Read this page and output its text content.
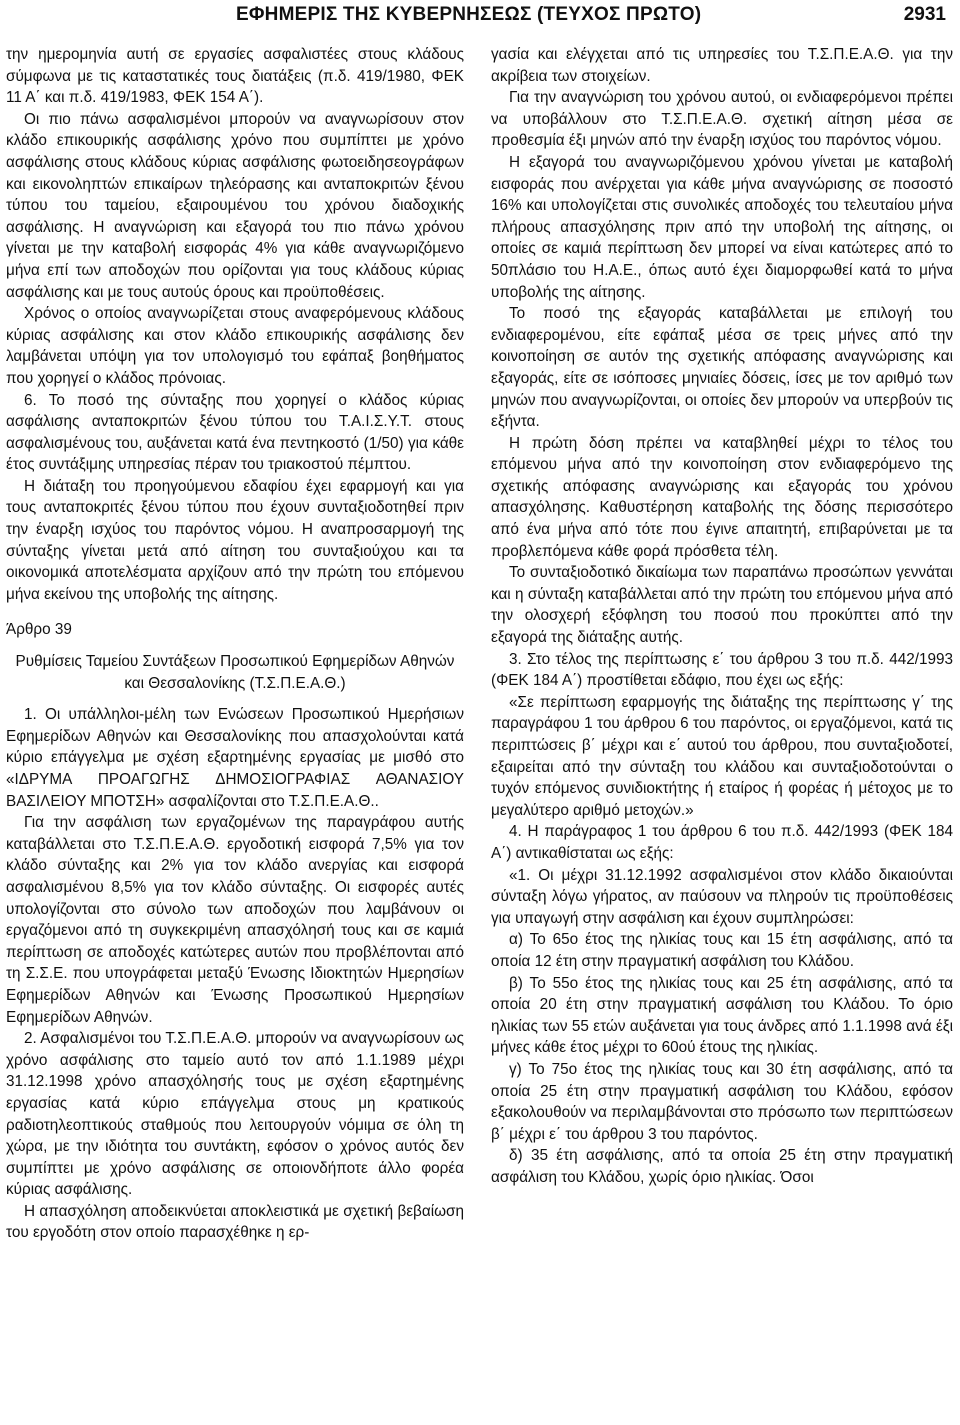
ΕΦΗΜΕΡΙΣ ΤΗΣ ΚΥΒΕΡΝΗΣΕΩΣ (ΤΕΥΧΟΣ ΠΡΩΤΟ)	2931

την ημερομηνία αυτή σε εργασίες ασφαλιστέες στους κλάδους σύμφωνα με τις καταστατικές τους διατάξεις (π.δ. 419/1980, ΦΕΚ 11 Α΄ και π.δ. 419/1983, ΦΕΚ 154 Α΄).

Οι πιο πάνω ασφαλισμένοι μπορούν να αναγνωρίσουν στον κλάδο επικουρικής ασφάλισης χρόνο που συμπίπτει με χρόνο ασφάλισης στους κλάδους κύριας ασφάλισης φωτοειδησεογράφων και εικονοληπτών επικαίρων τηλεόρασης και ανταποκριτών ξένου τύπου του ταμείου, εξαιρουμένου του χρόνου διαδοχικής ασφάλισης. Η αναγνώριση και εξαγορά του πιο πάνω χρόνου γίνεται με την καταβολή εισφοράς 4% για κάθε αναγνωριζόμενο μήνα επί των αποδοχών που ορίζονται για τους κλάδους κύριας ασφάλισης και με τους αυτούς όρους και προϋποθέσεις.

Χρόνος ο οποίος αναγνωρίζεται στους αναφερόμενους κλάδους κύριας ασφάλισης και στον κλάδο επικουρικής ασφάλισης δεν λαμβάνεται υπόψη για τον υπολογισμό του εφάπαξ βοηθήματος που χορηγεί ο κλάδος πρόνοιας.

6. Το ποσό της σύνταξης που χορηγεί ο κλάδος κύριας ασφάλισης ανταποκριτών ξένου τύπου του Τ.Α.Ι.Σ.Υ.Τ. στους ασφαλισμένους του, αυξάνεται κατά ένα πεντηκοστό (1/50) για κάθε έτος συντάξιμης υπηρεσίας πέραν του τριακοστού πέμπτου.

Η διάταξη του προηγούμενου εδαφίου έχει εφαρμογή και για τους ανταποκριτές ξένου τύπου που έχουν συνταξιοδοτηθεί πριν την έναρξη ισχύος του παρόντος νόμου. Η αναπροσαρμογή της σύνταξης γίνεται μετά από αίτηση του συνταξιούχου και τα οικονομικά αποτελέσματα αρχίζουν από την πρώτη του επόμενου μήνα εκείνου της υποβολής της αίτησης.

Άρθρο 39

Ρυθμίσεις Ταμείου Συντάξεων Προσωπικού Εφημερίδων Αθηνών και Θεσσαλονίκης (Τ.Σ.Π.Ε.Α.Θ.)

1. Οι υπάλληλοι-μέλη των Ενώσεων Προσωπικού Ημερήσιων Εφημερίδων Αθηνών και Θεσσαλονίκης που απασχολούνται κατά κύριο επάγγελμα με σχέση εξαρτημένης εργασίας με μισθό στο «ΙΔΡΥΜΑ ΠΡΟΑΓΩΓΗΣ ΔΗΜΟΣΙΟΓΡΑΦΙΑΣ ΑΘΑΝΑΣΙΟΥ ΒΑΣΙΛΕΙΟΥ ΜΠΟΤΣΗ» ασφαλίζονται στο Τ.Σ.Π.Ε.Α.Θ..

Για την ασφάλιση των εργαζομένων της παραγράφου αυτής καταβάλλεται στο Τ.Σ.Π.Ε.Α.Θ. εργοδοτική εισφορά 7,5% για τον κλάδο σύνταξης και 2% για τον κλάδο ανεργίας και εισφορά ασφαλισμένου 8,5% για τον κλάδο σύνταξης. Οι εισφορές αυτές υπολογίζονται στο σύνολο των αποδοχών που λαμβάνουν οι εργαζόμενοι από τη συγκεκριμένη απασχόλησή τους και σε καμιά περίπτωση σε αποδοχές κατώτερες αυτών που προβλέπονται από τη Σ.Σ.Ε. που υπογράφεται μεταξύ Ένωσης Ιδιοκτητών Ημερησίων Εφημερίδων Αθηνών και Ένωσης Προσωπικού Ημερησίων Εφημερίδων Αθηνών.

2. Ασφαλισμένοι του Τ.Σ.Π.Ε.Α.Θ. μπορούν να αναγνωρίσουν ως χρόνο ασφάλισης στο ταμείο αυτό τον από 1.1.1989 μέχρι 31.12.1998 χρόνο απασχόλησής τους με σχέση εξαρτημένης εργασίας κατά κύριο επάγγελμα στους μη κρατικούς ραδιοτηλεοπτικούς σταθμούς που λειτουργούν νόμιμα σε όλη τη χώρα, με την ιδιότητα του συντάκτη, εφόσον ο χρόνος αυτός δεν συμπίπτει με χρόνο ασφάλισης σε οποιονδήποτε άλλο φορέα κύριας ασφάλισης.

Η απασχόληση αποδεικνύεται αποκλειστικά με σχετική βεβαίωση του εργοδότη στον οποίο παρασχέθηκε η ερ-

γασία και ελέγχεται από τις υπηρεσίες του Τ.Σ.Π.Ε.Α.Θ. για την ακρίβεια των στοιχείων.

Για την αναγνώριση του χρόνου αυτού, οι ενδιαφερόμενοι πρέπει να υποβάλλουν στο Τ.Σ.Π.Ε.Α.Θ. σχετική αίτηση μέσα σε προθεσμία έξι μηνών από την έναρξη ισχύος του παρόντος νόμου.

Η εξαγορά του αναγνωριζόμενου χρόνου γίνεται με καταβολή εισφοράς που ανέρχεται για κάθε μήνα αναγνώρισης σε ποσοστό 16% και υπολογίζεται στις συνολικές αποδοχές του τελευταίου μήνα πλήρους απασχόλησης πριν από την υποβολή της αίτησης, οι οποίες σε καμιά περίπτωση δεν μπορεί να είναι κατώτερες από το 50πλάσιο του Η.Α.Ε., όπως αυτό έχει διαμορφωθεί κατά το μήνα υποβολής της αίτησης.

Το ποσό της εξαγοράς καταβάλλεται με επιλογή του ενδιαφερομένου, είτε εφάπαξ μέσα σε τρεις μήνες από την κοινοποίηση σε αυτόν της σχετικής απόφασης αναγνώρισης και εξαγοράς, είτε σε ισόποσες μηνιαίες δόσεις, ίσες με τον αριθμό των μηνών που αναγνωρίζονται, οι οποίες δεν μπορούν να υπερβούν τις εξήντα.

Η πρώτη δόση πρέπει να καταβληθεί μέχρι το τέλος του επόμενου μήνα από την κοινοποίηση στον ενδιαφερόμενο της σχετικής απόφασης αναγνώρισης και εξαγοράς του χρόνου απασχόλησης. Καθυστέρηση καταβολής της δόσης περισσότερο από ένα μήνα από τότε που έγινε απαιτητή, επιβαρύνεται με τα προβλεπόμενα κάθε φορά πρόσθετα τέλη.

Το συνταξιοδοτικό δικαίωμα των παραπάνω προσώπων γεννάται και η σύνταξη καταβάλλεται από την πρώτη του επόμενου μήνα από την ολοσχερή εξόφληση του ποσού που προκύπτει από την εξαγορά της διάταξης αυτής.

3. Στο τέλος της περίπτωσης ε΄ του άρθρου 3 του π.δ. 442/1993 (ΦΕΚ 184 Α΄) προστίθεται εδάφιο, που έχει ως εξής:

«Σε περίπτωση εφαρμογής της διάταξης της περίπτωσης γ΄ της παραγράφου 1 του άρθρου 6 του παρόντος, οι εργαζόμενοι, κατά τις περιπτώσεις β΄ μέχρι και ε΄ αυτού του άρθρου, που συνταξιοδοτεί, εξαιρείται από την σύνταξη του κλάδου και συνταξιοδοτούνται ο τυχόν επόμενος συνιδιοκτήτης ή εταίρος ή φορέας ή μέτοχος με το μεγαλύτερο αριθμό μετοχών.»

4. Η παράγραφος 1 του άρθρου 6 του π.δ. 442/1993 (ΦΕΚ 184 Α΄) αντικαθίσταται ως εξής:

«1. Οι μέχρι 31.12.1992 ασφαλισμένοι στον κλάδο δικαιούνται σύνταξη λόγω γήρατος, αν παύσουν να πληρούν τις προϋποθέσεις για υπαγωγή στην ασφάλιση και έχουν συμπληρώσει:

α) Το 65ο έτος της ηλικίας τους και 15 έτη ασφάλισης, από τα οποία 12 έτη στην πραγματική ασφάλιση του Κλάδου.

β) Το 55ο έτος της ηλικίας τους και 25 έτη ασφάλισης, από τα οποία 20 έτη στην πραγματική ασφάλιση του Κλάδου. Το όριο ηλικίας των 55 ετών αυξάνεται για τους άνδρες από 1.1.1998 ανά έξι μήνες κάθε έτος μέχρι το 60ού έτους της ηλικίας.

γ) Το 75ο έτος της ηλικίας τους και 30 έτη ασφάλισης, από τα οποία 25 έτη στην πραγματική ασφάλιση του Κλάδου, εφόσον εξακολουθούν να περιλαμβάνονται στο πρόσωπο των περιπτώσεων β΄ μέχρι ε΄ του άρθρου 3 του παρόντος.

δ) 35 έτη ασφάλισης, από τα οποία 25 έτη στην πραγματική ασφάλιση του Κλάδου, χωρίς όριο ηλικίας. Όσοι
